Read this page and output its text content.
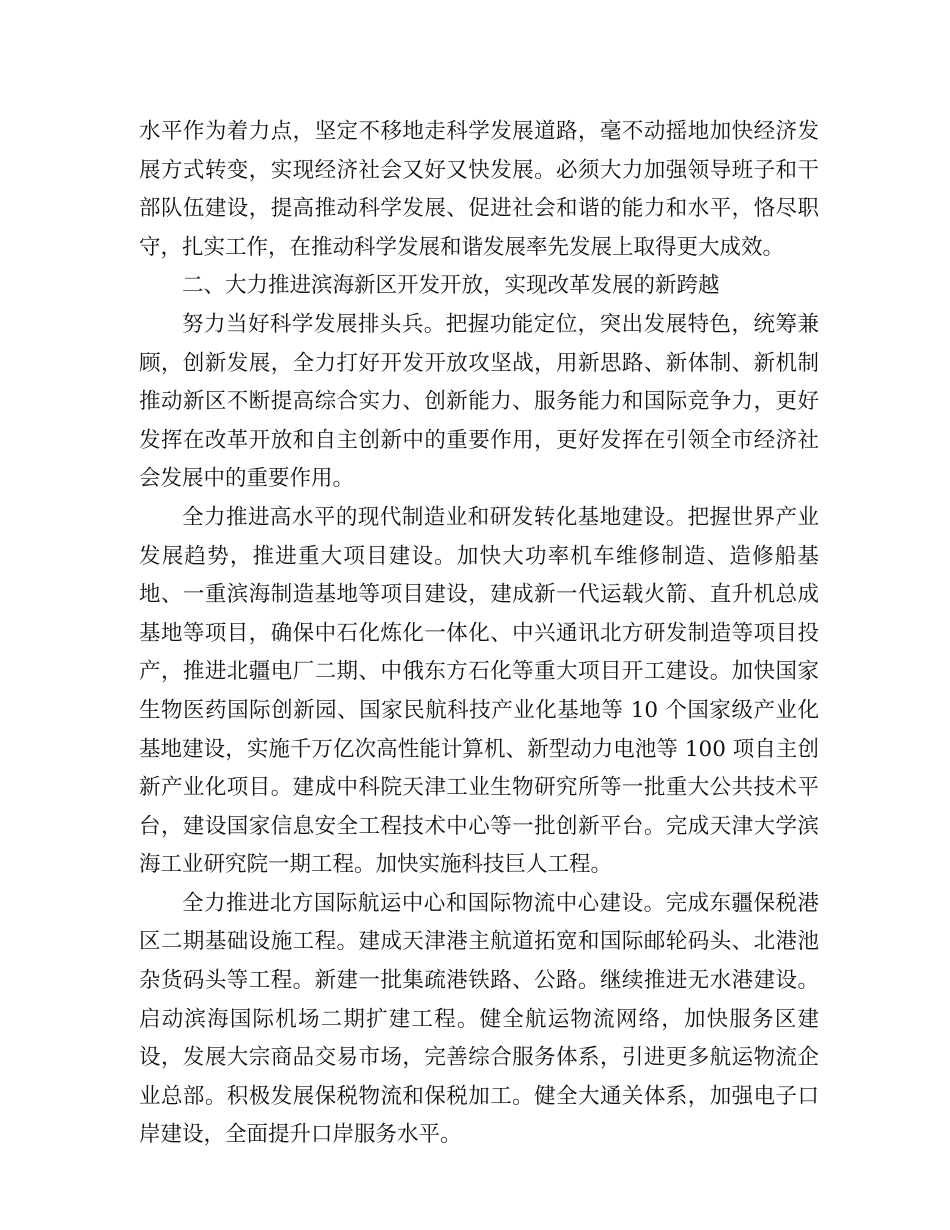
水平作为着力点，坚定不移地走科学发展道路，毫不动摇地加快经济发展方式转变，实现经济社会又好又快发展。必须大力加强领导班子和干部队伍建设，提高推动科学发展、促进社会和谐的能力和水平，恪尽职守，扎实工作，在推动科学发展和谐发展率先发展上取得更大成效。

二、大力推进滨海新区开发开放，实现改革发展的新跨越

努力当好科学发展排头兵。把握功能定位，突出发展特色，统筹兼顾，创新发展，全力打好开发开放攻坚战，用新思路、新体制、新机制推动新区不断提高综合实力、创新能力、服务能力和国际竞争力，更好发挥在改革开放和自主创新中的重要作用，更好发挥在引领全市经济社会发展中的重要作用。

全力推进高水平的现代制造业和研发转化基地建设。把握世界产业发展趋势，推进重大项目建设。加快大功率机车维修制造、造修船基地、一重滨海制造基地等项目建设，建成新一代运载火箭、直升机总成基地等项目，确保中石化炼化一体化、中兴通讯北方研发制造等项目投产，推进北疆电厂二期、中俄东方石化等重大项目开工建设。加快国家生物医药国际创新园、国家民航科技产业化基地等 10 个国家级产业化基地建设，实施千万亿次高性能计算机、新型动力电池等 100 项自主创新产业化项目。建成中科院天津工业生物研究所等一批重大公共技术平台，建设国家信息安全工程技术中心等一批创新平台。完成天津大学滨海工业研究院一期工程。加快实施科技巨人工程。

全力推进北方国际航运中心和国际物流中心建设。完成东疆保税港区二期基础设施工程。建成天津港主航道拓宽和国际邮轮码头、北港池杂货码头等工程。新建一批集疏港铁路、公路。继续推进无水港建设。启动滨海国际机场二期扩建工程。健全航运物流网络，加快服务区建设，发展大宗商品交易市场，完善综合服务体系，引进更多航运物流企业总部。积极发展保税物流和保税加工。健全大通关体系，加强电子口岸建设，全面提升口岸服务水平。
